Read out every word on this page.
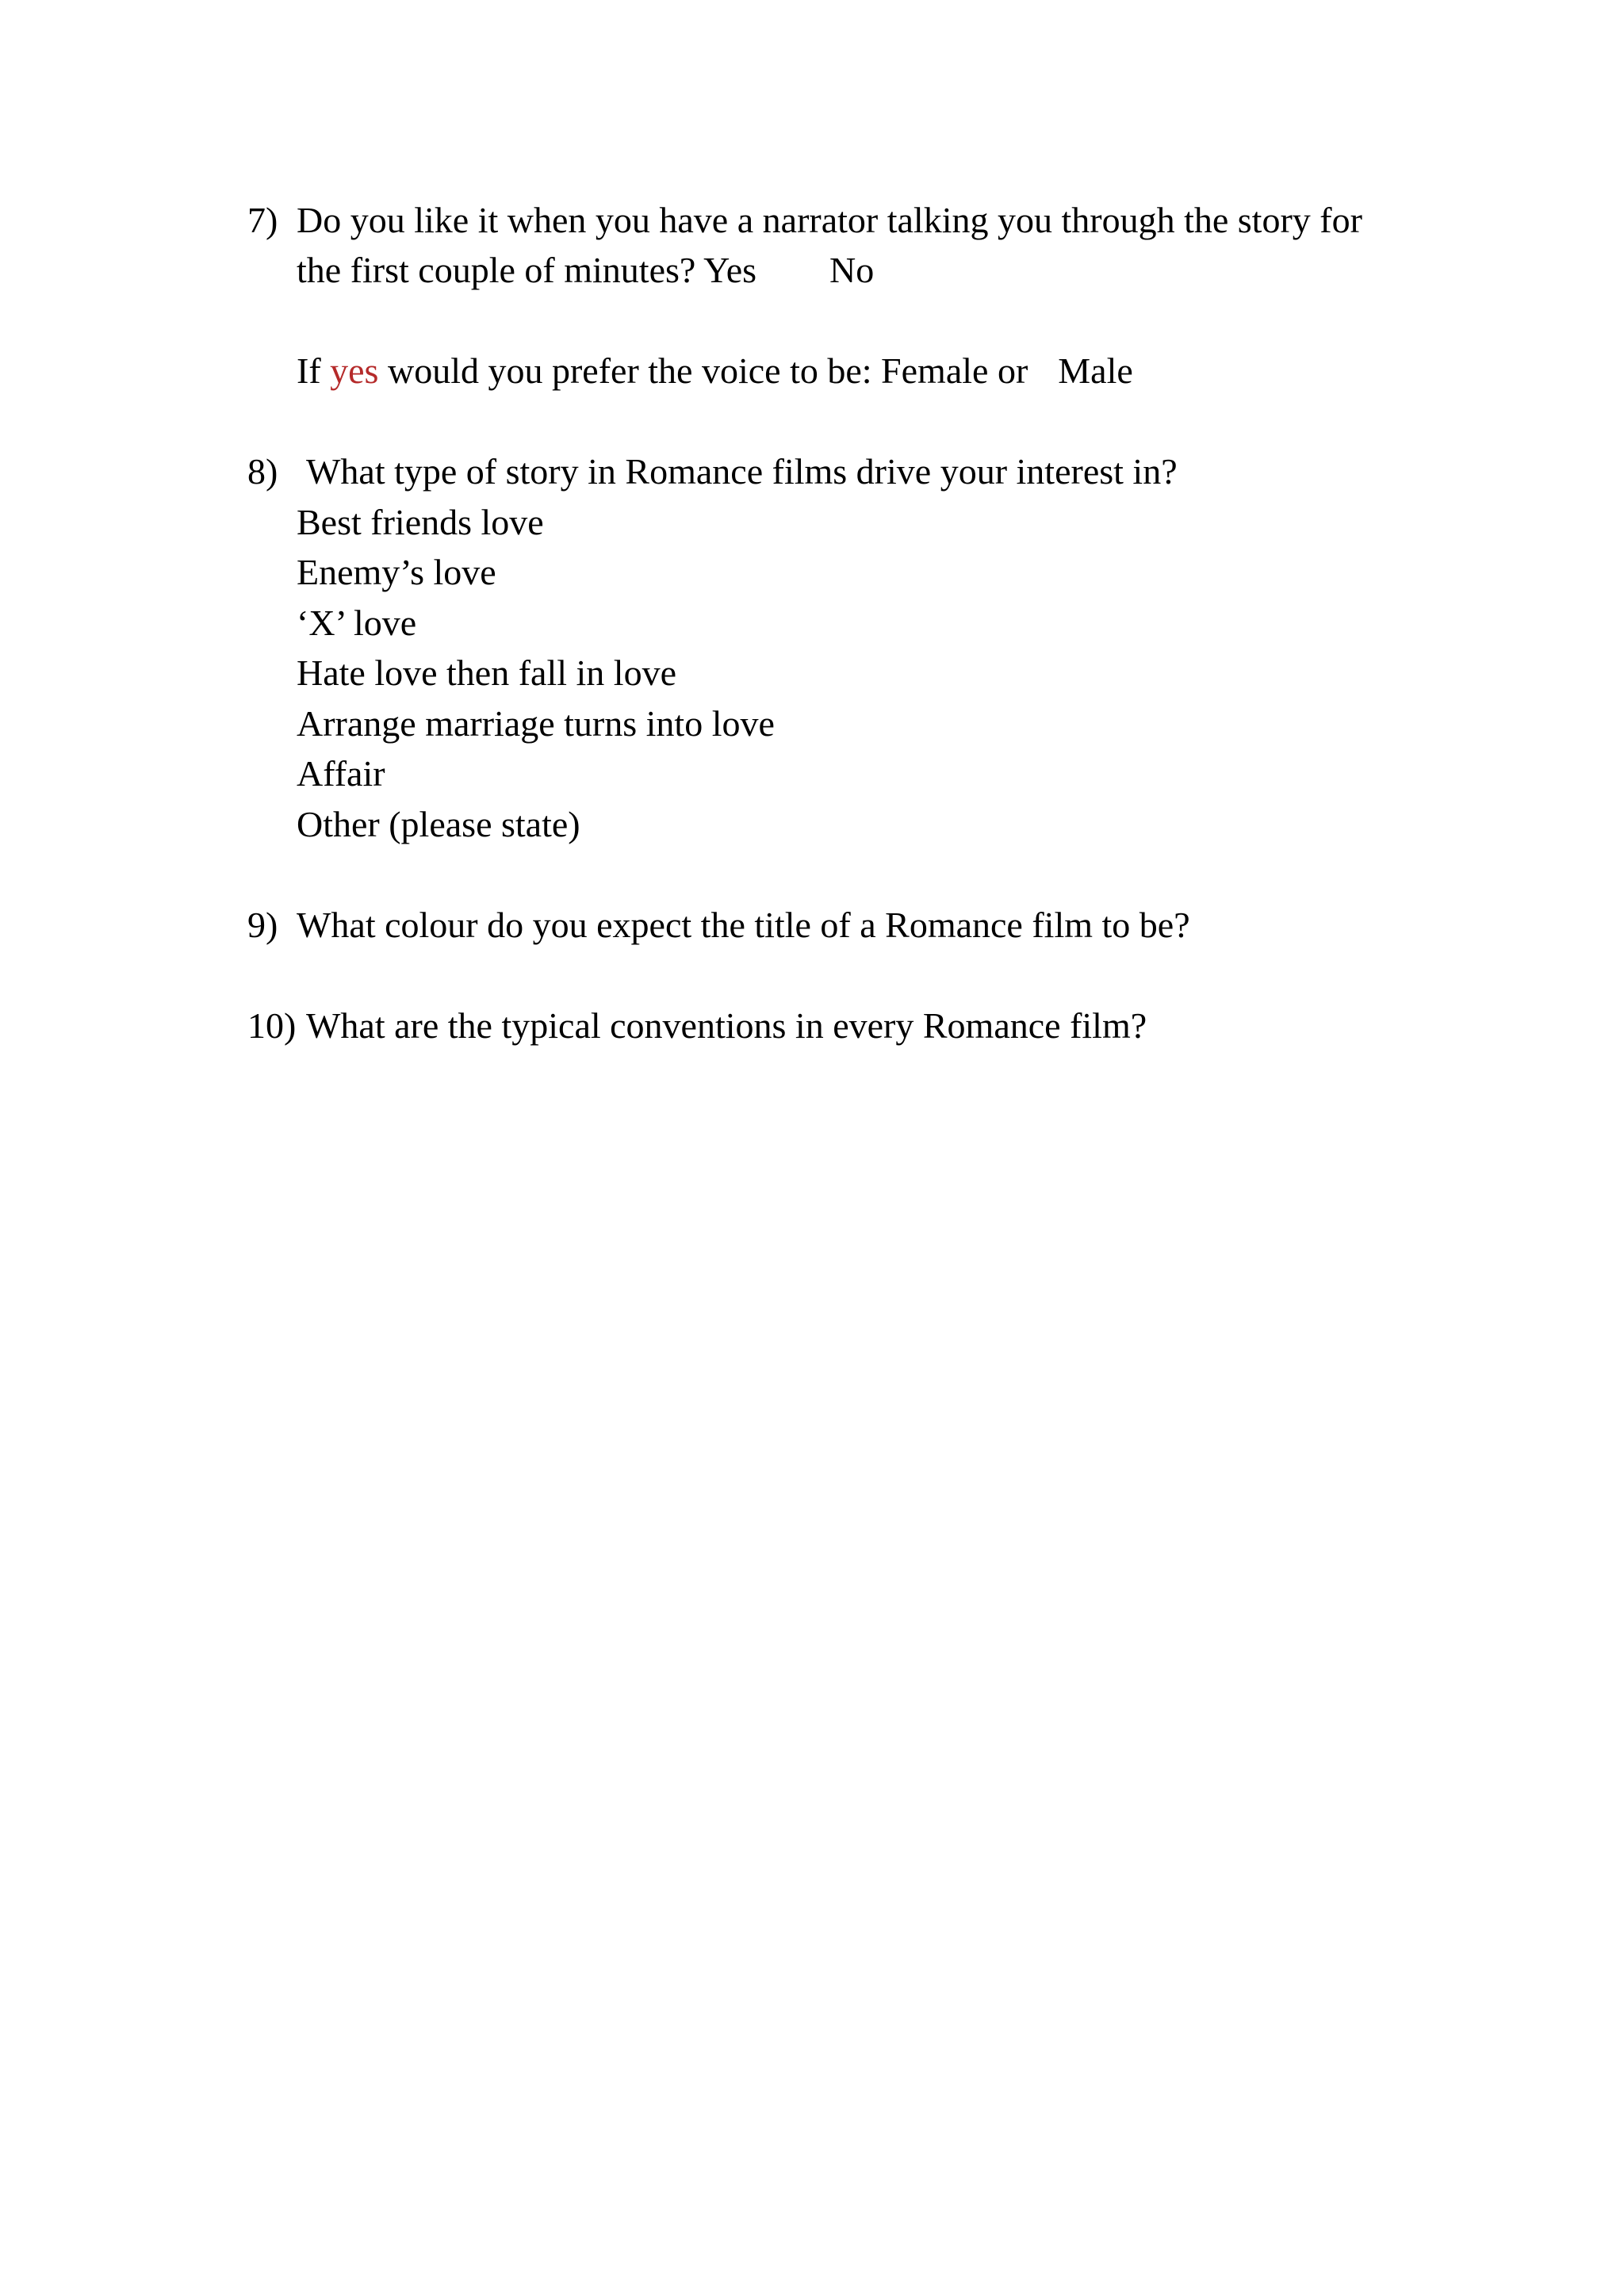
7) Do you like it when you have a narrator talking you through the story for
the first couple of minutes? Yes No
If yes would you prefer the voice to be: Female or Male
8) What type of story in Romance films drive your interest in?
Best friends love
Enemy’s love
‘X’ love
Hate love then fall in love
Arrange marriage turns into love
Affair
Other (please state)
9) What colour do you expect the title of a Romance film to be?
10) What are the typical conventions in every Romance film?
